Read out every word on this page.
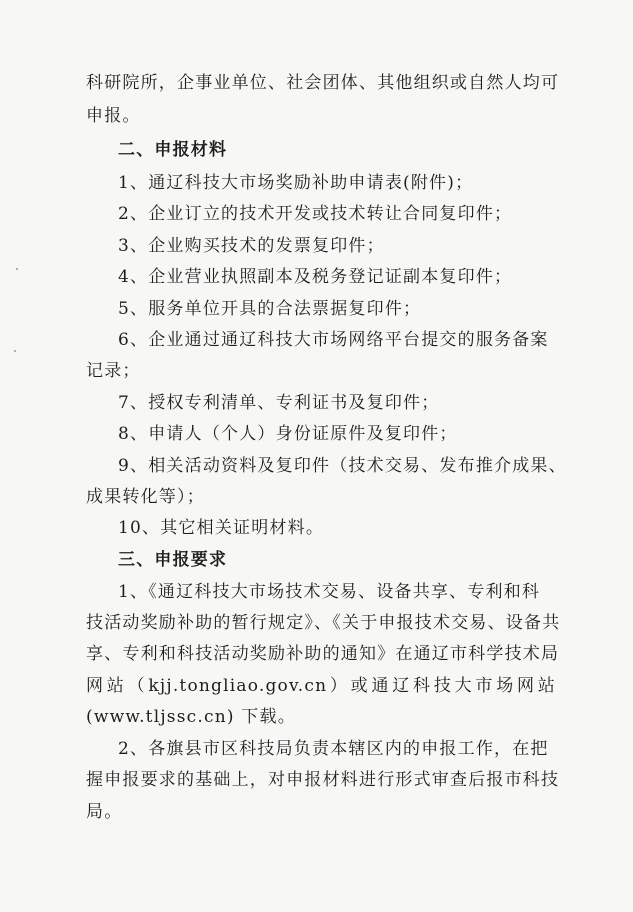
科研院所，企事业单位、社会团体、其他组织或自然人均可
申报。
二、申报材料
1、通辽科技大市场奖励补助申请表(附件)；
2、企业订立的技术开发或技术转让合同复印件；
3、企业购买技术的发票复印件；
4、企业营业执照副本及税务登记证副本复印件；
5、服务单位开具的合法票据复印件；
6、企业通过通辽科技大市场网络平台提交的服务备案
记录；
7、授权专利清单、专利证书及复印件；
8、申请人（个人）身份证原件及复印件；
9、相关活动资料及复印件（技术交易、发布推介成果、
成果转化等）；
10、其它相关证明材料。
三、申报要求
1、《通辽科技大市场技术交易、设备共享、专利和科
技活动奖励补助的暂行规定》、《关于申报技术交易、设备共
享、专利和科技活动奖励补助的通知》在通辽市科学技术局
网站（kjj.tongliao.gov.cn）或通辽科技大市场网站
(www.tljssc.cn) 下载。
2、各旗县市区科技局负责本辖区内的申报工作，在把
握申报要求的基础上，对申报材料进行形式审查后报市科技
局。
